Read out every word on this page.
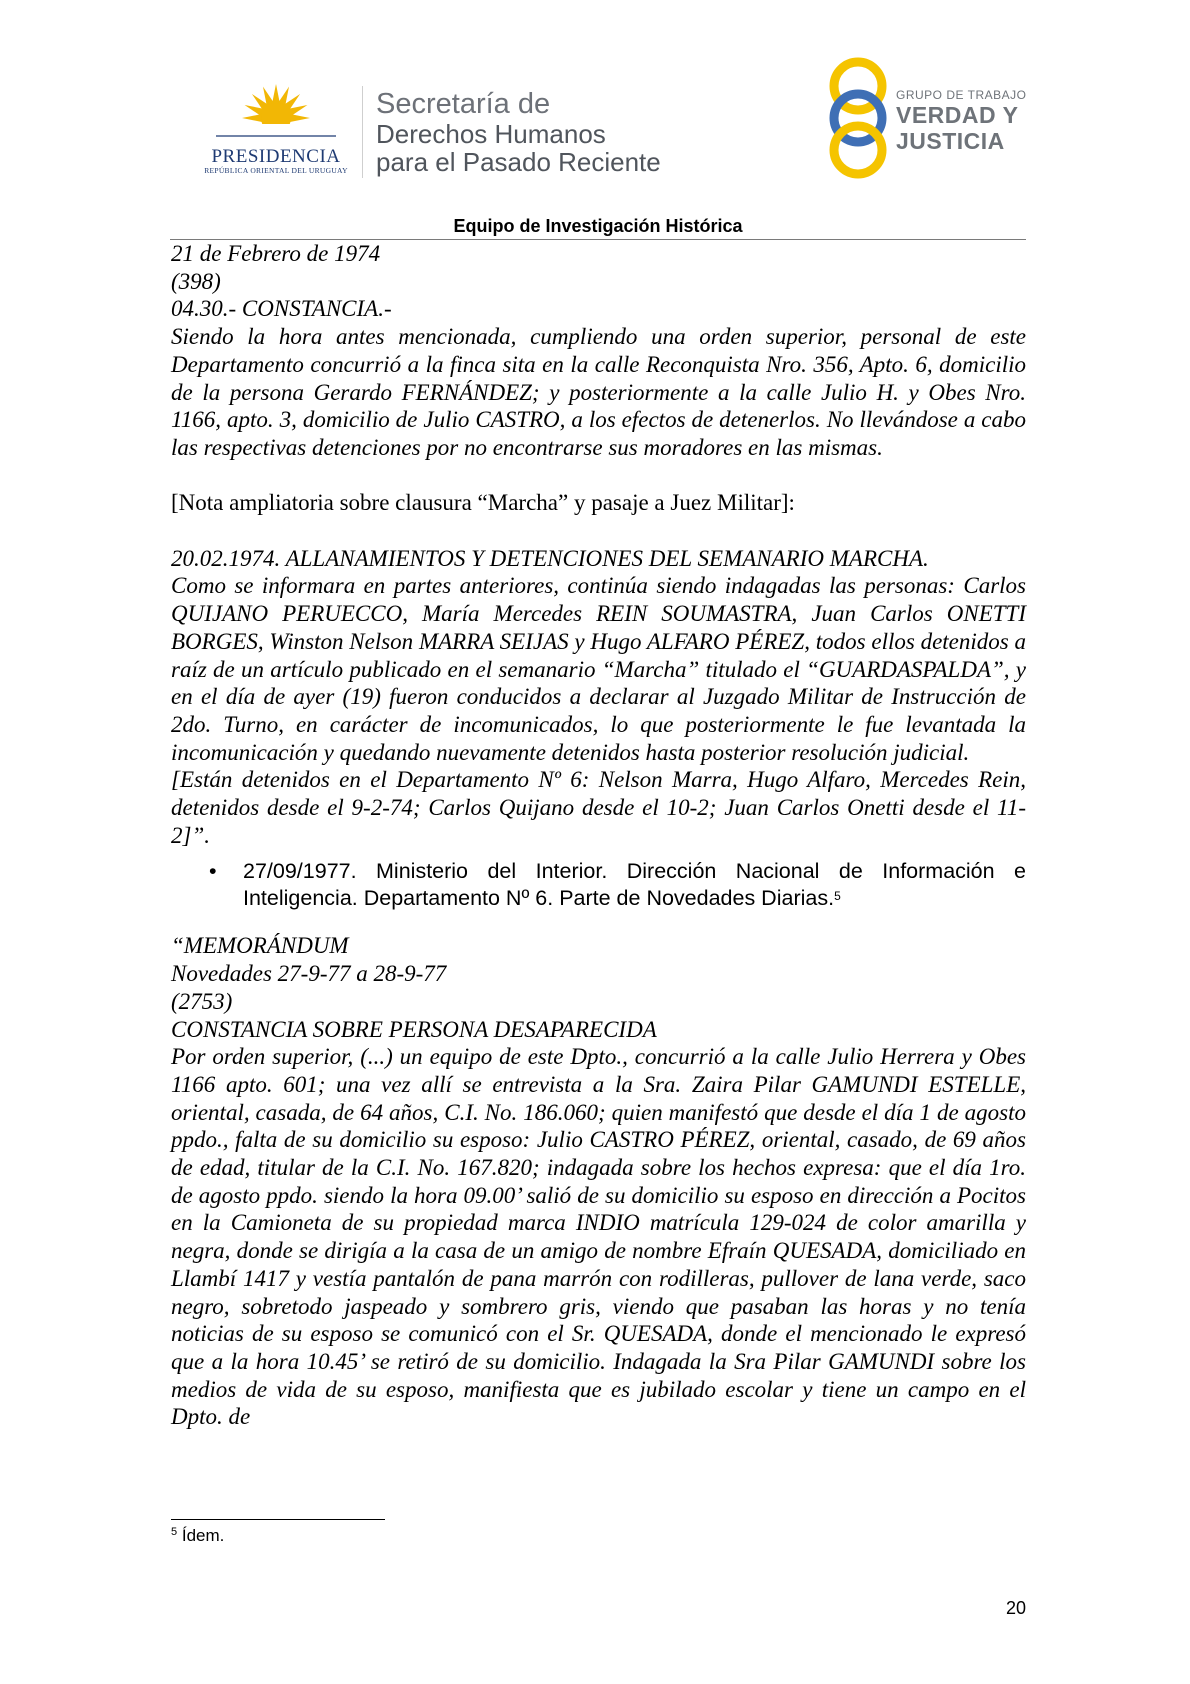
PRESIDENCIA
REPÚBLICA ORIENTAL DEL URUGUAY
Secretaría de
Derechos Humanos
para el Pasado Reciente
GRUPO DE TRABAJO
VERDAD Y
JUSTICIA
Equipo de Investigación Histórica

21 de Febrero de 1974

(398)

04.30.- CONSTANCIA.-

Siendo la hora antes mencionada, cumpliendo una orden superior, personal de este Departamento concurrió a la finca sita en la calle Reconquista Nro. 356, Apto. 6, domicilio de la persona Gerardo FERNÁNDEZ; y posteriormente a la calle Julio H. y Obes Nro. 1166, apto. 3, domicilio de Julio CASTRO, a los efectos de detenerlos. No llevándose a cabo las respectivas detenciones por no encontrarse sus moradores en las mismas.

[Nota ampliatoria sobre clausura “Marcha” y pasaje a Juez Militar]:

20.02.1974. ALLANAMIENTOS Y DETENCIONES DEL SEMANARIO MARCHA.

Como se informara en partes anteriores, continúa siendo indagadas las personas: Carlos QUIJANO PERUECCO, María Mercedes REIN SOUMASTRA, Juan Carlos ONETTI BORGES, Winston Nelson MARRA SEIJAS y Hugo ALFARO PÉREZ, todos ellos detenidos a raíz de un artículo publicado en el semanario “Marcha” titulado el “GUARDASPALDA”, y en el día de ayer (19) fueron conducidos a declarar al Juzgado Militar de Instrucción de 2do. Turno, en carácter de incomunicados, lo que posteriormente le fue levantada la incomunicación y quedando nuevamente detenidos hasta posterior resolución judicial.

[Están detenidos en el Departamento Nº 6: Nelson Marra, Hugo Alfaro, Mercedes Rein, detenidos desde el 9-2-74; Carlos Quijano desde el 10-2; Juan Carlos Onetti desde el 11-2]”.

• 27/09/1977. Ministerio del Interior. Dirección Nacional de Información e Inteligencia. Departamento Nº 6. Parte de Novedades Diarias.$^5$

“MEMORÁNDUM

Novedades 27-9-77 a 28-9-77

(2753)

CONSTANCIA SOBRE PERSONA DESAPARECIDA

Por orden superior, (...) un equipo de este Dpto., concurrió a la calle Julio Herrera y Obes 1166 apto. 601; una vez allí se entrevista a la Sra. Zaira Pilar GAMUNDI ESTELLE, oriental, casada, de 64 años, C.I. No. 186.060; quien manifestó que desde el día 1 de agosto ppdo., falta de su domicilio su esposo: Julio CASTRO PÉREZ, oriental, casado, de 69 años de edad, titular de la C.I. No. 167.820; indagada sobre los hechos expresa: que el día 1ro. de agosto ppdo. siendo la hora 09.00’ salió de su domicilio su esposo en dirección a Pocitos en la Camioneta de su propiedad marca INDIO matrícula 129-024 de color amarilla y negra, donde se dirigía a la casa de un amigo de nombre Efraín QUESADA, domiciliado en Llambí 1417 y vestía pantalón de pana marrón con rodilleras, pullover de lana verde, saco negro, sobretodo jaspeado y sombrero gris, viendo que pasaban las horas y no tenía noticias de su esposo se comunicó con el Sr. QUESADA, donde el mencionado le expresó que a la hora 10.45’ se retiró de su domicilio. Indagada la Sra Pilar GAMUNDI sobre los medios de vida de su esposo, manifiesta que es jubilado escolar y tiene un campo en el Dpto. de

$^5$ Ídem.
20
